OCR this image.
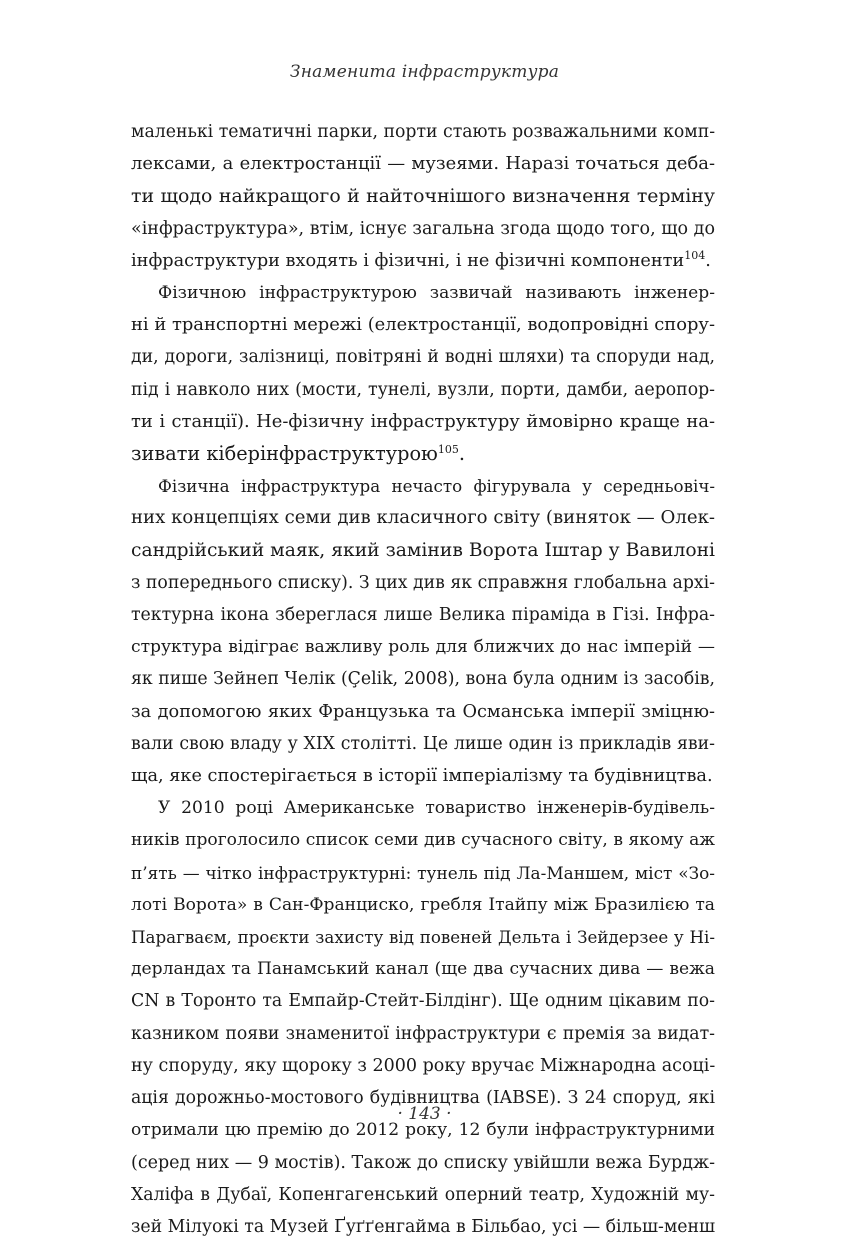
Знаменита інфраструктура

маленькі тематичні парки, порти стають розважальними комп-
лексами, а електростанції — музеями. Наразі точаться деба-
ти щодо найкращого й найточнішого визначення терміну
«інфраструктура», втім, існує загальна згода щодо того, що до
інфраструктури входять і фізичні, і не фізичні компоненти$^{104}$.

Фізичною інфраструктурою зазвичай називають інженер-
ні й транспортні мережі (електростанції, водопровідні спору-
ди, дороги, залізниці, повітряні й водні шляхи) та споруди над,
під і навколо них (мости, тунелі, вузли, порти, дамби, аеропор-
ти і станції). Не-фізичну інфраструктуру ймовірно краще на-
зивати кіберінфраструктурою$^{105}$.

Фізична інфраструктура нечасто фігурувала у середньовіч-
них концепціях семи див класичного світу (виняток — Олек-
сандрійський маяк, який замінив Ворота Іштар у Вавилоні
з попереднього списку). З цих див як справжня глобальна архі-
тектурна ікона збереглася лише Велика піраміда в Гізі. Інфра-
структура відіграє важливу роль для ближчих до нас імперій —
як пише Зейнеп Челік (Çelik, 2008), вона була одним із засобів,
за допомогою яких Французька та Османська імперії зміцню-
вали свою владу у XIX столітті. Це лише один із прикладів яви-
ща, яке спостерігається в історії імперіалізму та будівництва.

У 2010 році Американське товариство інженерів-будівель-
ників проголосило список семи див сучасного світу, в якому аж
п’ять — чітко інфраструктурні: тунель під Ла-Маншем, міст «Зо-
лоті Ворота» в Сан-Франциско, гребля Ітайпу між Бразилією та
Парагваєм, проєкти захисту від повеней Дельта і Зейдерзее у Ні-
дерландах та Панамський канал (ще два сучасних дива — вежа
CN в Торонто та Емпайр-Стейт-Білдінг). Ще одним цікавим по-
казником появи знаменитої інфраструктури є премія за видат-
ну споруду, яку щороку з 2000 року вручає Міжнародна асоці-
ація дорожньо-мостового будівництва (IABSE). З 24 споруд, які
отримали цю премію до 2012 року, 12 були інфраструктурними
(серед них — 9 мостів). Також до списку увійшли вежа Бурдж-
Халіфа в Дубаї, Копенгагенський оперний театр, Художній му-
зей Мілуокі та Музей Ґуґґенгайма в Більбао, усі — більш-менш

· 143 ·
